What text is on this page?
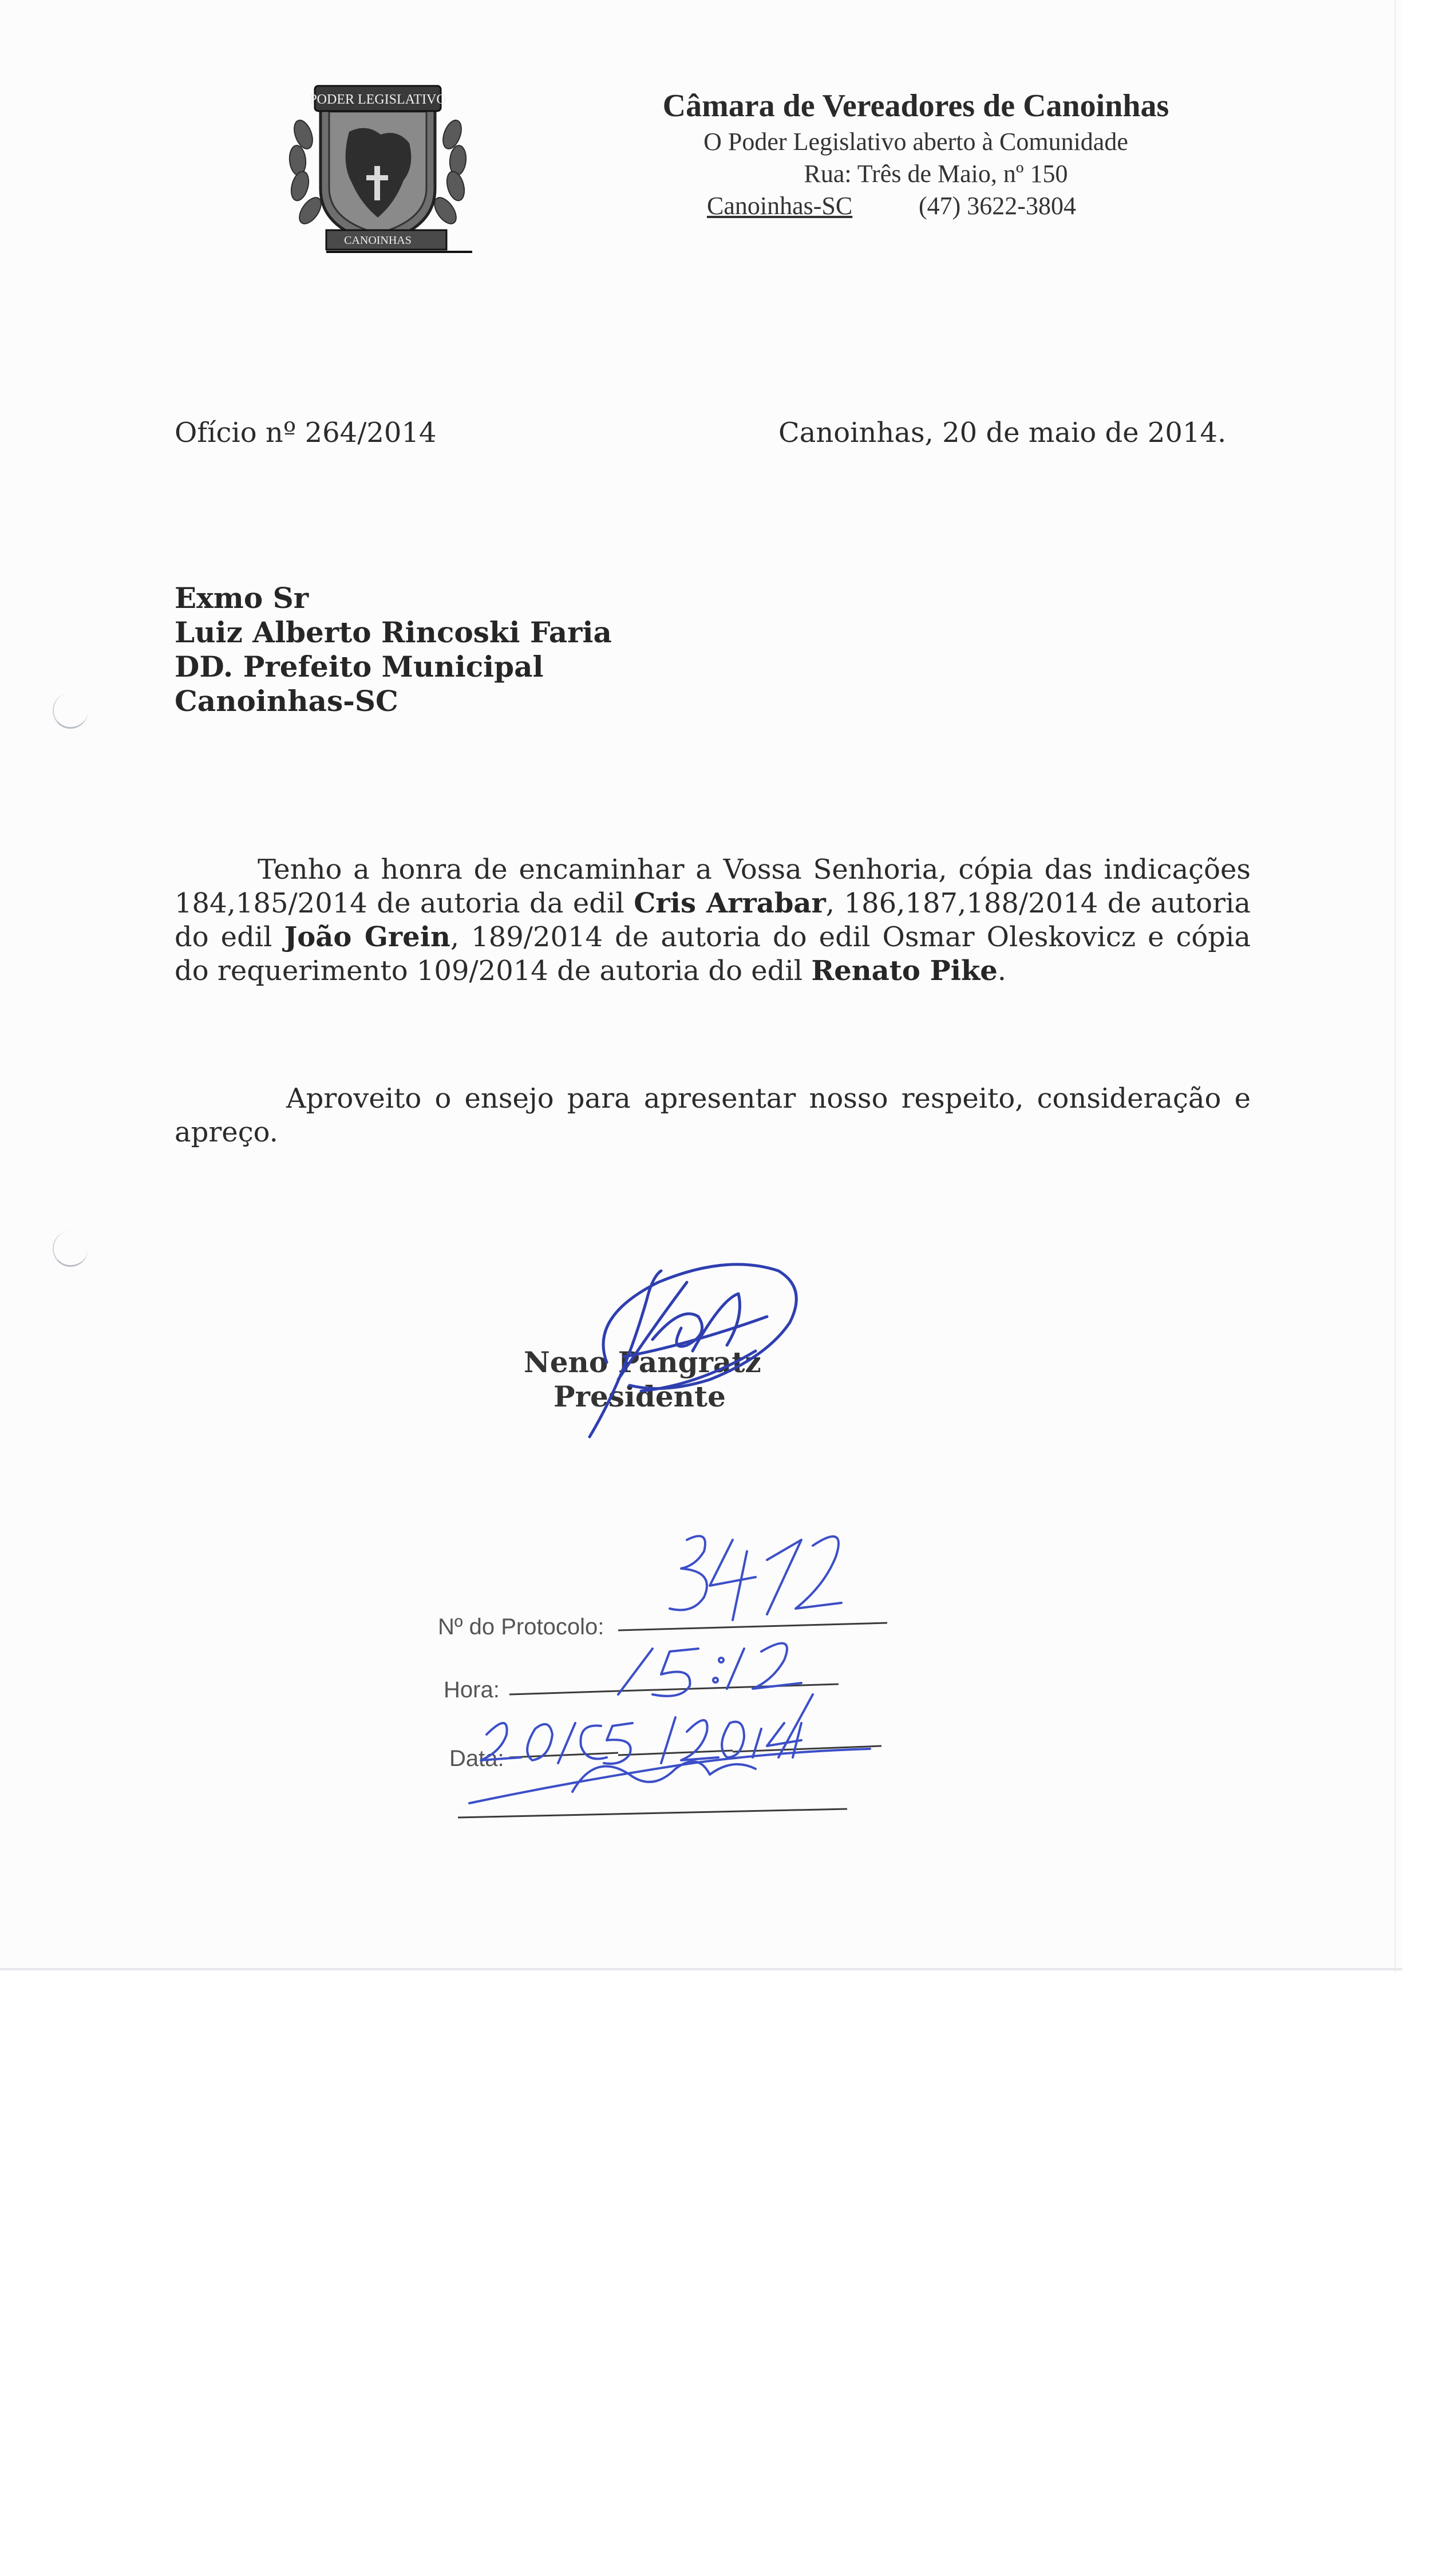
PODER LEGISLATIVO
CANOINHAS
Câmara de Vereadores de Canoinhas
O Poder Legislativo aberto à Comunidade
Rua: Três de Maio, nº 150
Canoinhas-SC	(47) 3622-3804
Ofício nº 264/2014	Canoinhas, 20 de maio de 2014.
Exmo Sr
Luiz Alberto Rincoski Faria
DD. Prefeito Municipal
Canoinhas-SC
Tenho a honra de encaminhar a Vossa Senhoria, cópia das indicações 184,185/2014 de autoria da edil Cris Arrabar, 186,187,188/2014 de autoria do edil João Grein, 189/2014 de autoria do edil Osmar Oleskovicz e cópia do requerimento 109/2014 de autoria do edil Renato Pike.
Aproveito o ensejo para apresentar nosso respeito, consideração e apreço.
Neno Pangratz
Presidente
Nº do Protocolo:
Hora:
Data:
